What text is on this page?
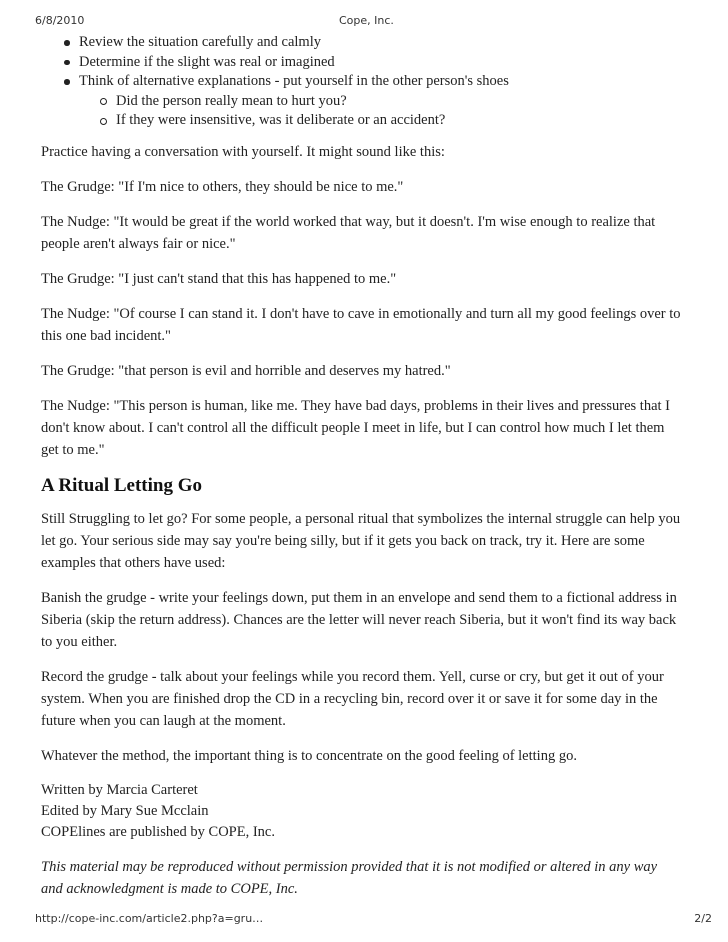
6/8/2010	Cope, Inc.
Review the situation carefully and calmly
Determine if the slight was real or imagined
Think of alternative explanations - put yourself in the other person's shoes
Did the person really mean to hurt you?
If they were insensitive, was it deliberate or an accident?

Practice having a conversation with yourself. It might sound like this:

The Grudge: "If I'm nice to others, they should be nice to me."

The Nudge: "It would be great if the world worked that way, but it doesn't. I'm wise enough to realize that people aren't always fair or nice."

The Grudge: "I just can't stand that this has happened to me."

The Nudge: "Of course I can stand it. I don't have to cave in emotionally and turn all my good feelings over to this one bad incident."

The Grudge: "that person is evil and horrible and deserves my hatred."

The Nudge: "This person is human, like me. They have bad days, problems in their lives and pressures that I don't know about. I can't control all the difficult people I meet in life, but I can control how much I let them get to me."

A Ritual Letting Go

Still Struggling to let go? For some people, a personal ritual that symbolizes the internal struggle can help you let go. Your serious side may say you're being silly, but if it gets you back on track, try it. Here are some examples that others have used:

Banish the grudge - write your feelings down, put them in an envelope and send them to a fictional address in Siberia (skip the return address). Chances are the letter will never reach Siberia, but it won't find its way back to you either.

Record the grudge - talk about your feelings while you record them. Yell, curse or cry, but get it out of your system. When you are finished drop the CD in a recycling bin, record over it or save it for some day in the future when you can laugh at the moment.

Whatever the method, the important thing is to concentrate on the good feeling of letting go.

Written by Marcia Carteret
Edited by Mary Sue Mcclain
COPElines are published by COPE, Inc.

This material may be reproduced without permission provided that it is not modified or altered in any way and acknowledgment is made to COPE, Inc.

http://cope-inc.com/article2.php?a=gru…	2/2
